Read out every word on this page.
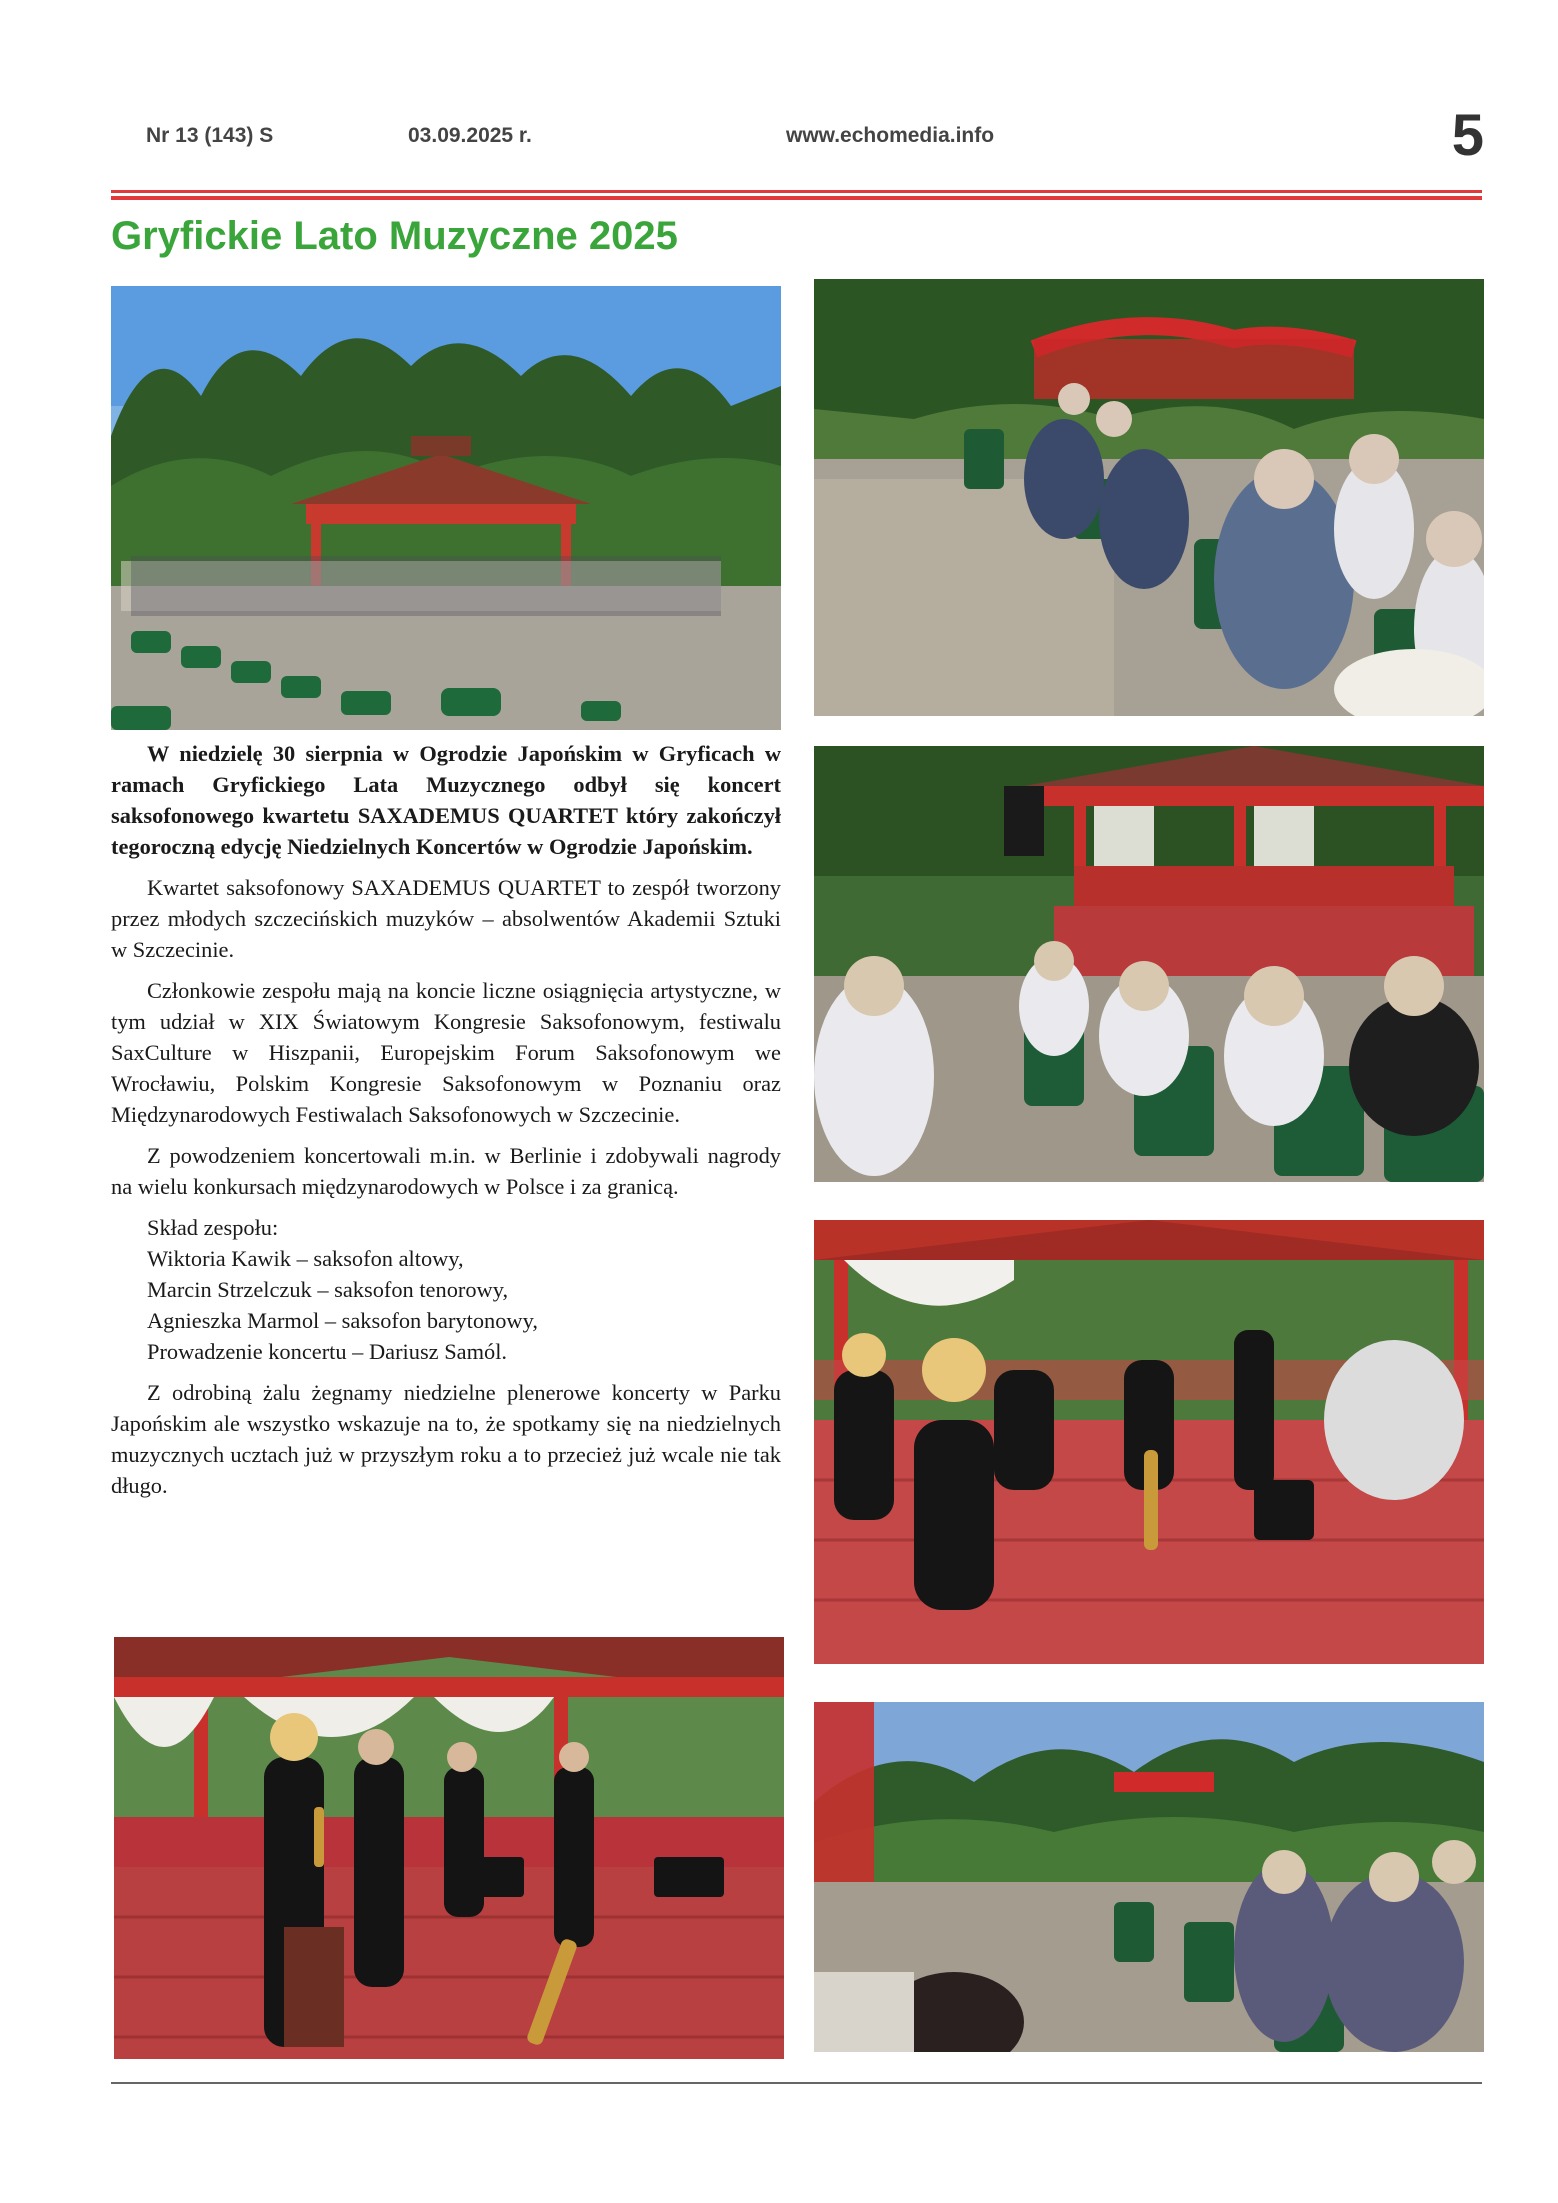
Nr 13 (143) S	03.09.2025 r.	www.echomedia.info	5
Gryfickie Lato Muzyczne 2025

W niedzielę 30 sierpnia w Ogrodzie Japońskim w Gryficach w ramach Gryfickiego Lata Muzycznego odbył się koncert saksofonowego kwartetu SAXADEMUS QUARTET który zakończył tegoroczną edycję Niedzielnych Koncertów w Ogrodzie Japońskim.

Kwartet saksofonowy SAXADEMUS QUARTET to zespół tworzony przez młodych szczecińskich muzyków – absolwentów Akademii Sztuki w Szczecinie.

Członkowie zespołu mają na koncie liczne osiągnięcia artystyczne, w tym udział w XIX Światowym Kongresie Saksofonowym, festiwalu SaxCulture w Hiszpanii, Europejskim Forum Saksofonowym we Wrocławiu, Polskim Kongresie Saksofonowym w Poznaniu oraz Międzynarodowych Festiwalach Saksofonowych w Szczecinie.

Z powodzeniem koncertowali m.in. w Berlinie i zdobywali nagrody na wielu konkursach międzynarodowych w Polsce i za granicą.

Skład zespołu:
Wiktoria Kawik – saksofon altowy,
Marcin Strzelczuk – saksofon tenorowy,
Agnieszka Marmol – saksofon barytonowy,
Prowadzenie koncertu – Dariusz Samól.

Z odrobiną żalu żegnamy niedzielne plenerowe koncerty w Parku Japońskim ale wszystko wskazuje na to, że spotkamy się na niedzielnych muzycznych ucztach już w przyszłym roku a to przecież już wcale nie tak długo.
